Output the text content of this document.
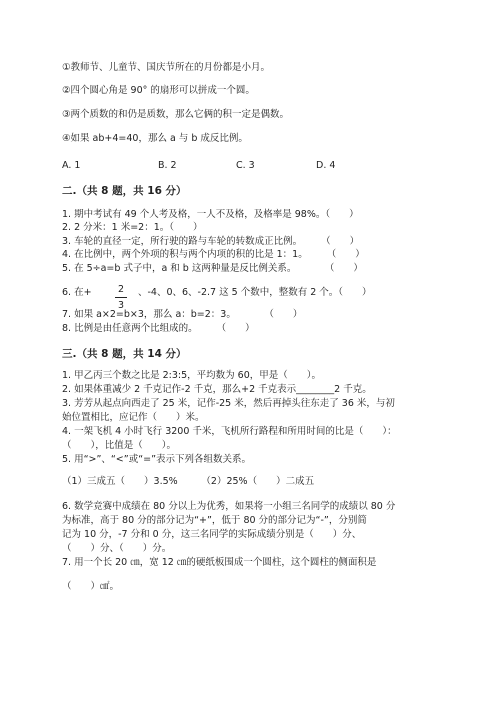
①教师节、儿童节、国庆节所在的月份都是小月。
②四个圆心角是 90° 的扇形可以拼成一个圆。
③两个质数的和仍是质数，那么它俩的积一定是偶数。
④如果 ab+4=40，那么 a 与 b 成反比例。
A. 1	B. 2	C. 3	D. 4
二.（共 8 题，共 16 分）
1. 期中考试有 49 个人考及格，一人不及格，及格率是 98%。（　　）
2. 2 分米：1 米=2：1。（　　）
3. 车轮的直径一定，所行驶的路与车轮的转数成正比例。　　　（　　）
4. 在比例中，两个外项的积与两个内项的积的比是 1：1。　　　（　　）
5. 在 5÷a=b 式子中，a 和 b 这两种量是反比例关系。　　　　（　　）
6. 在+	2
3
、-4、0、6、-2.7 这 5 个数中，整数有 2 个。（　　）
7. 如果 a×2=b×3，那么 a：b=2：3。　　　　（　　）
8. 比例是由任意两个比组成的。　　　（　　）
三.（共 8 题，共 14 分）
1. 甲乙丙三个数之比是 2:3:5，平均数为 60，甲是（　　）。
2. 如果体重减少 2 千克记作-2 千克，那么+2 千克表示________2 千克。
3. 芳芳从起点向西走了 25 米，记作-25 米，然后再掉头往东走了 36 米，与初
始位置相比，应记作（　　）米。
4. 一架飞机 4 小时飞行 3200 千米，飞机所行路程和所用时间的比是（　　）：
（　　），比值是（　　）。
5. 用“>”、“<”或“=”表示下列各组数关系。
（1）三成五（　　）3.5%　　　（2）25%（　　）二成五
6. 数学竞赛中成绩在 80 分以上为优秀，如果将一小组三名同学的成绩以 80 分
为标准，高于 80 分的部分记为“+”，低于 80 分的部分记为“-”，分别简
记为 10 分，-7 分和 0 分，这三名同学的实际成绩分别是（　　）分、
（　　）分、（　　）分。
7. 用一个长 20 ㎝，宽 12 ㎝的硬纸板围成一个圆柱，这个圆柱的侧面积是
（　　）㎠。
